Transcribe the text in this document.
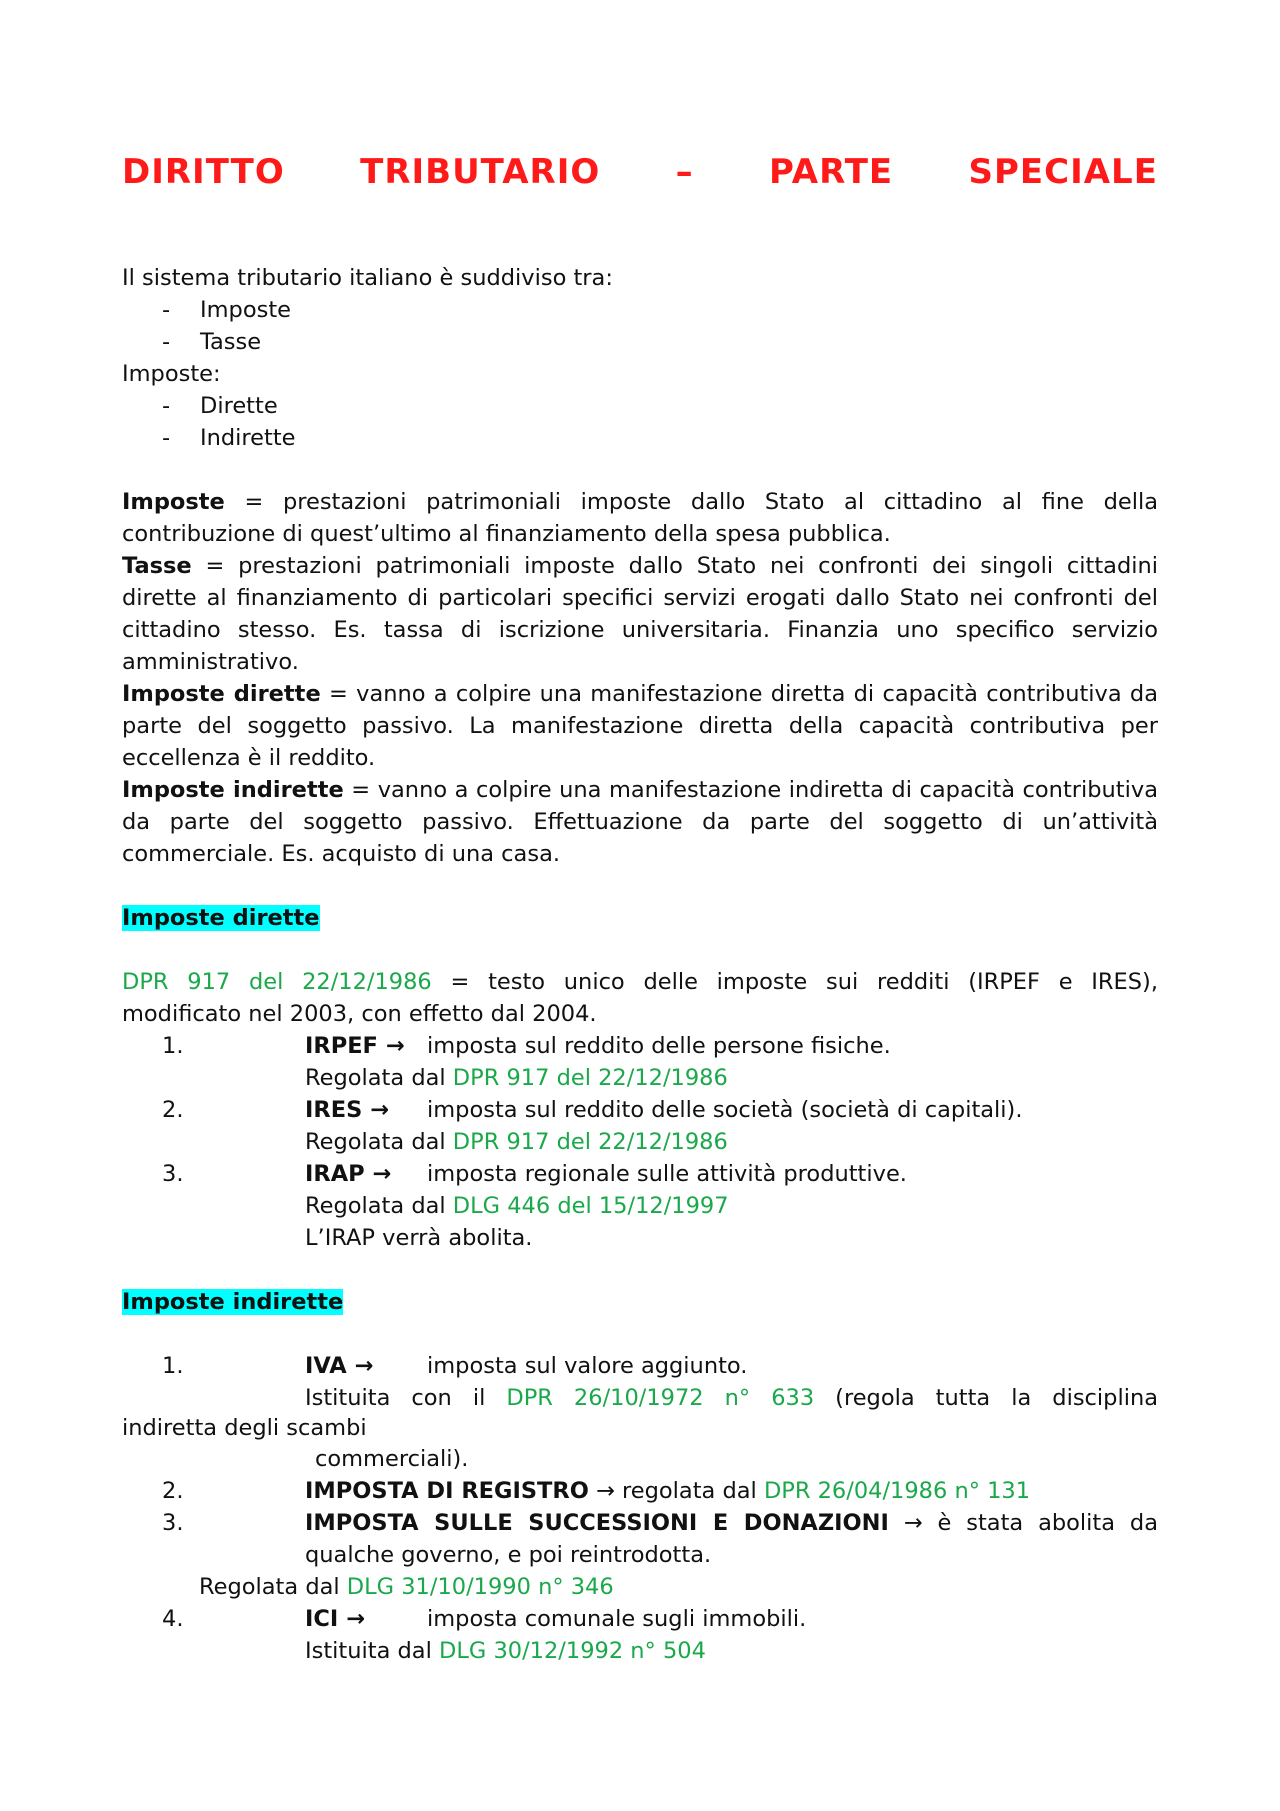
DIRITTO TRIBUTARIO – PARTE SPECIALE
Il sistema tributario italiano è suddiviso tra:
- Imposte
- Tasse
Imposte:
- Dirette
- Indirette
Imposte = prestazioni patrimoniali imposte dallo Stato al cittadino al fine della
contribuzione di quest’ultimo al finanziamento della spesa pubblica.
Tasse = prestazioni patrimoniali imposte dallo Stato nei confronti dei singoli cittadini
dirette al finanziamento di particolari specifici servizi erogati dallo Stato nei confronti del
cittadino stesso. Es. tassa di iscrizione universitaria. Finanzia uno specifico servizio
amministrativo.
Imposte dirette = vanno a colpire una manifestazione diretta di capacità contributiva da
parte del soggetto passivo. La manifestazione diretta della capacità contributiva per
eccellenza è il reddito.
Imposte indirette = vanno a colpire una manifestazione indiretta di capacità contributiva
da parte del soggetto passivo. Effettuazione da parte del soggetto di un’attività
commerciale. Es. acquisto di una casa.
Imposte dirette
DPR 917 del 22/12/1986 = testo unico delle imposte sui redditi (IRPEF e IRES),
modificato nel 2003, con effetto dal 2004.
1.	IRPEF → imposta sul reddito delle persone fisiche.
Regolata dal DPR 917 del 22/12/1986
2.	IRES → imposta sul reddito delle società (società di capitali).
Regolata dal DPR 917 del 22/12/1986
3.	IRAP → imposta regionale sulle attività produttive.
Regolata dal DLG 446 del 15/12/1997
L’IRAP verrà abolita.
Imposte indirette
1.	IVA → imposta sul valore aggiunto.
Istituita con il DPR 26/10/1972 n° 633 (regola tutta la disciplina
indiretta degli scambi
commerciali).
2.	IMPOSTA DI REGISTRO → regolata dal DPR 26/04/1986 n° 131
3.	IMPOSTA SULLE SUCCESSIONI E DONAZIONI → è stata abolita da
qualche governo, e poi reintrodotta.
Regolata dal DLG 31/10/1990 n° 346
4.	ICI →	imposta comunale sugli immobili.
Istituita dal DLG 30/12/1992 n° 504
